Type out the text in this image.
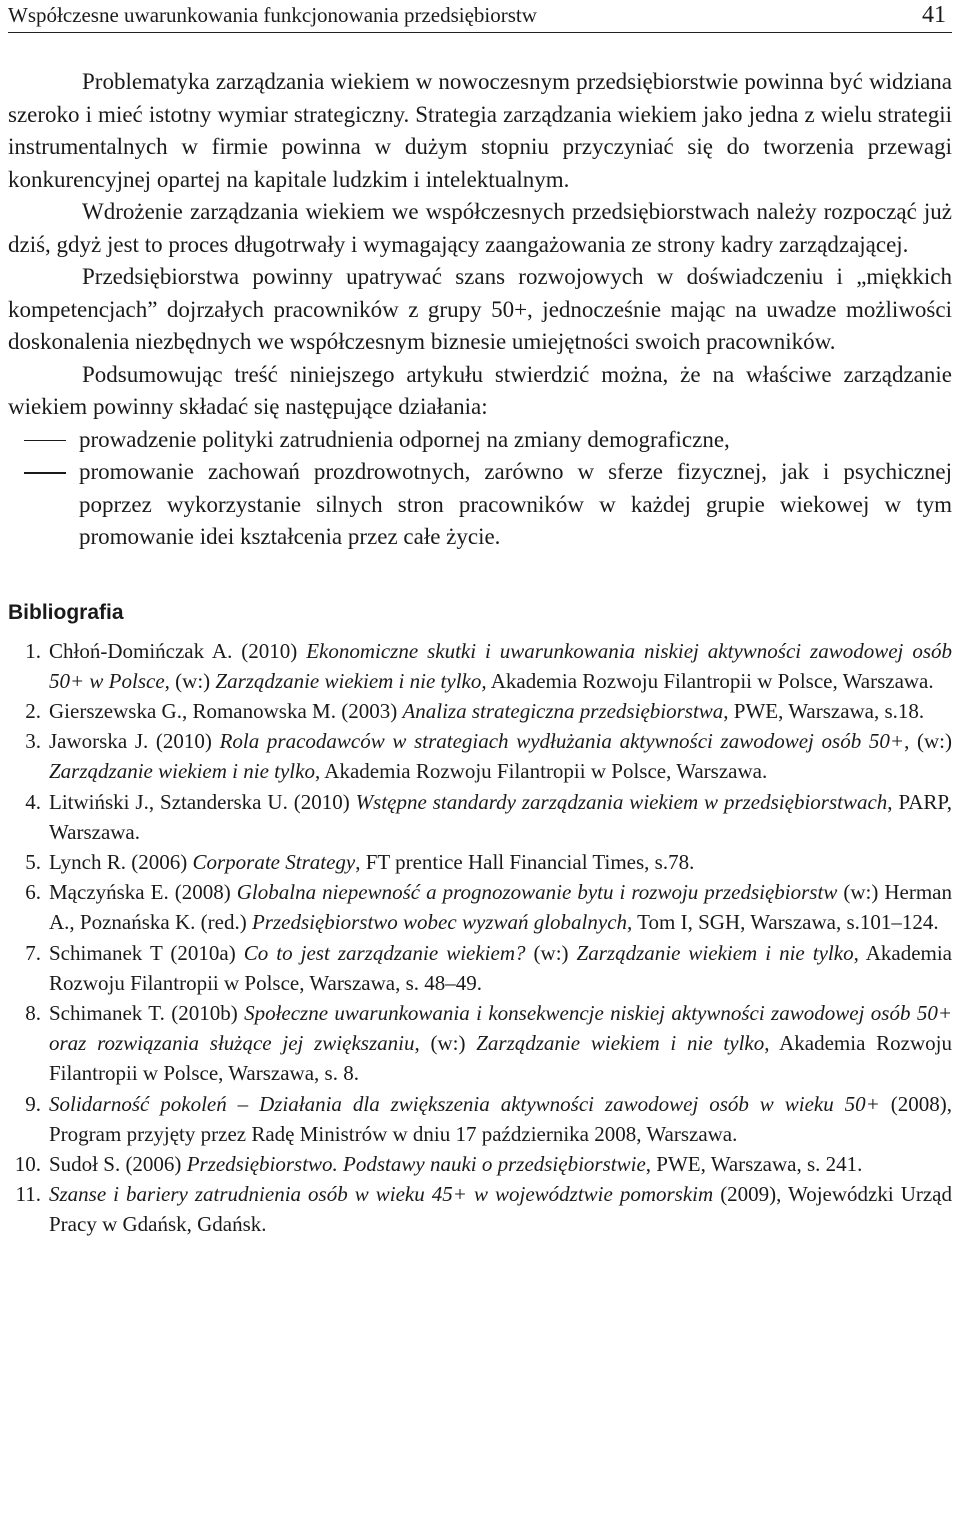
Współczesne uwarunkowania funkcjonowania przedsiębiorstw	41

Problematyka zarządzania wiekiem w nowoczesnym przedsiębiorstwie powinna być widziana szeroko i mieć istotny wymiar strategiczny. Strategia zarządzania wiekiem jako jedna z wielu strategii instrumentalnych w firmie powinna w dużym stopniu przyczyniać się do tworzenia przewagi konkurencyjnej opartej na kapitale ludzkim i intelektualnym.

Wdrożenie zarządzania wiekiem we współczesnych przedsiębiorstwach należy rozpocząć już dziś, gdyż jest to proces długotrwały i wymagający zaangażowania ze strony kadry zarządzającej.

Przedsiębiorstwa powinny upatrywać szans rozwojowych w doświadczeniu i „miękkich kompetencjach” dojrzałych pracowników z grupy 50+, jednocześnie mając na uwadze możliwości doskonalenia niezbędnych we współczesnym biznesie umiejętności swoich pracowników.

Podsumowując treść niniejszego artykułu stwierdzić można, że na właściwe zarządzanie wiekiem powinny składać się następujące działania:

prowadzenie polityki zatrudnienia odpornej na zmiany demograficzne,
promowanie zachowań prozdrowotnych, zarówno w sferze fizycznej, jak i psychicznej poprzez wykorzystanie silnych stron pracowników w każdej grupie wiekowej w tym promowanie idei kształcenia przez całe życie.
Bibliografia
1. Chłoń-Domińczak A. (2010) Ekonomiczne skutki i uwarunkowania niskiej aktywności zawodowej osób 50+ w Polsce, (w:) Zarządzanie wiekiem i nie tylko, Akademia Rozwoju Filantropii w Polsce, Warszawa.
2. Gierszewska G., Romanowska M. (2003) Analiza strategiczna przedsiębiorstwa, PWE, Warszawa, s.18.
3. Jaworska J. (2010) Rola pracodawców w strategiach wydłużania aktywności zawodowej osób 50+, (w:) Zarządzanie wiekiem i nie tylko, Akademia Rozwoju Filantropii w Polsce, Warszawa.
4. Litwiński J., Sztanderska U. (2010) Wstępne standardy zarządzania wiekiem w przedsiębiorstwach, PARP, Warszawa.
5. Lynch R. (2006) Corporate Strategy, FT prentice Hall Financial Times, s.78.
6. Mączyńska E. (2008) Globalna niepewność a prognozowanie bytu i rozwoju przedsiębiorstw (w:) Herman A., Poznańska K. (red.) Przedsiębiorstwo wobec wyzwań globalnych, Tom I, SGH, Warszawa, s.101–124.
7. Schimanek T (2010a) Co to jest zarządzanie wiekiem? (w:) Zarządzanie wiekiem i nie tylko, Akademia Rozwoju Filantropii w Polsce, Warszawa, s. 48–49.
8. Schimanek T. (2010b) Społeczne uwarunkowania i konsekwencje niskiej aktywności zawodowej osób 50+ oraz rozwiązania służące jej zwiększaniu, (w:) Zarządzanie wiekiem i nie tylko, Akademia Rozwoju Filantropii w Polsce, Warszawa, s. 8.
9. Solidarność pokoleń – Działania dla zwiększenia aktywności zawodowej osób w wieku 50+ (2008), Program przyjęty przez Radę Ministrów w dniu 17 października 2008, Warszawa.
10. Sudoł S. (2006) Przedsiębiorstwo. Podstawy nauki o przedsiębiorstwie, PWE, Warszawa, s. 241.
11. Szanse i bariery zatrudnienia osób w wieku 45+ w województwie pomorskim (2009), Wojewódzki Urząd Pracy w Gdańsk, Gdańsk.
